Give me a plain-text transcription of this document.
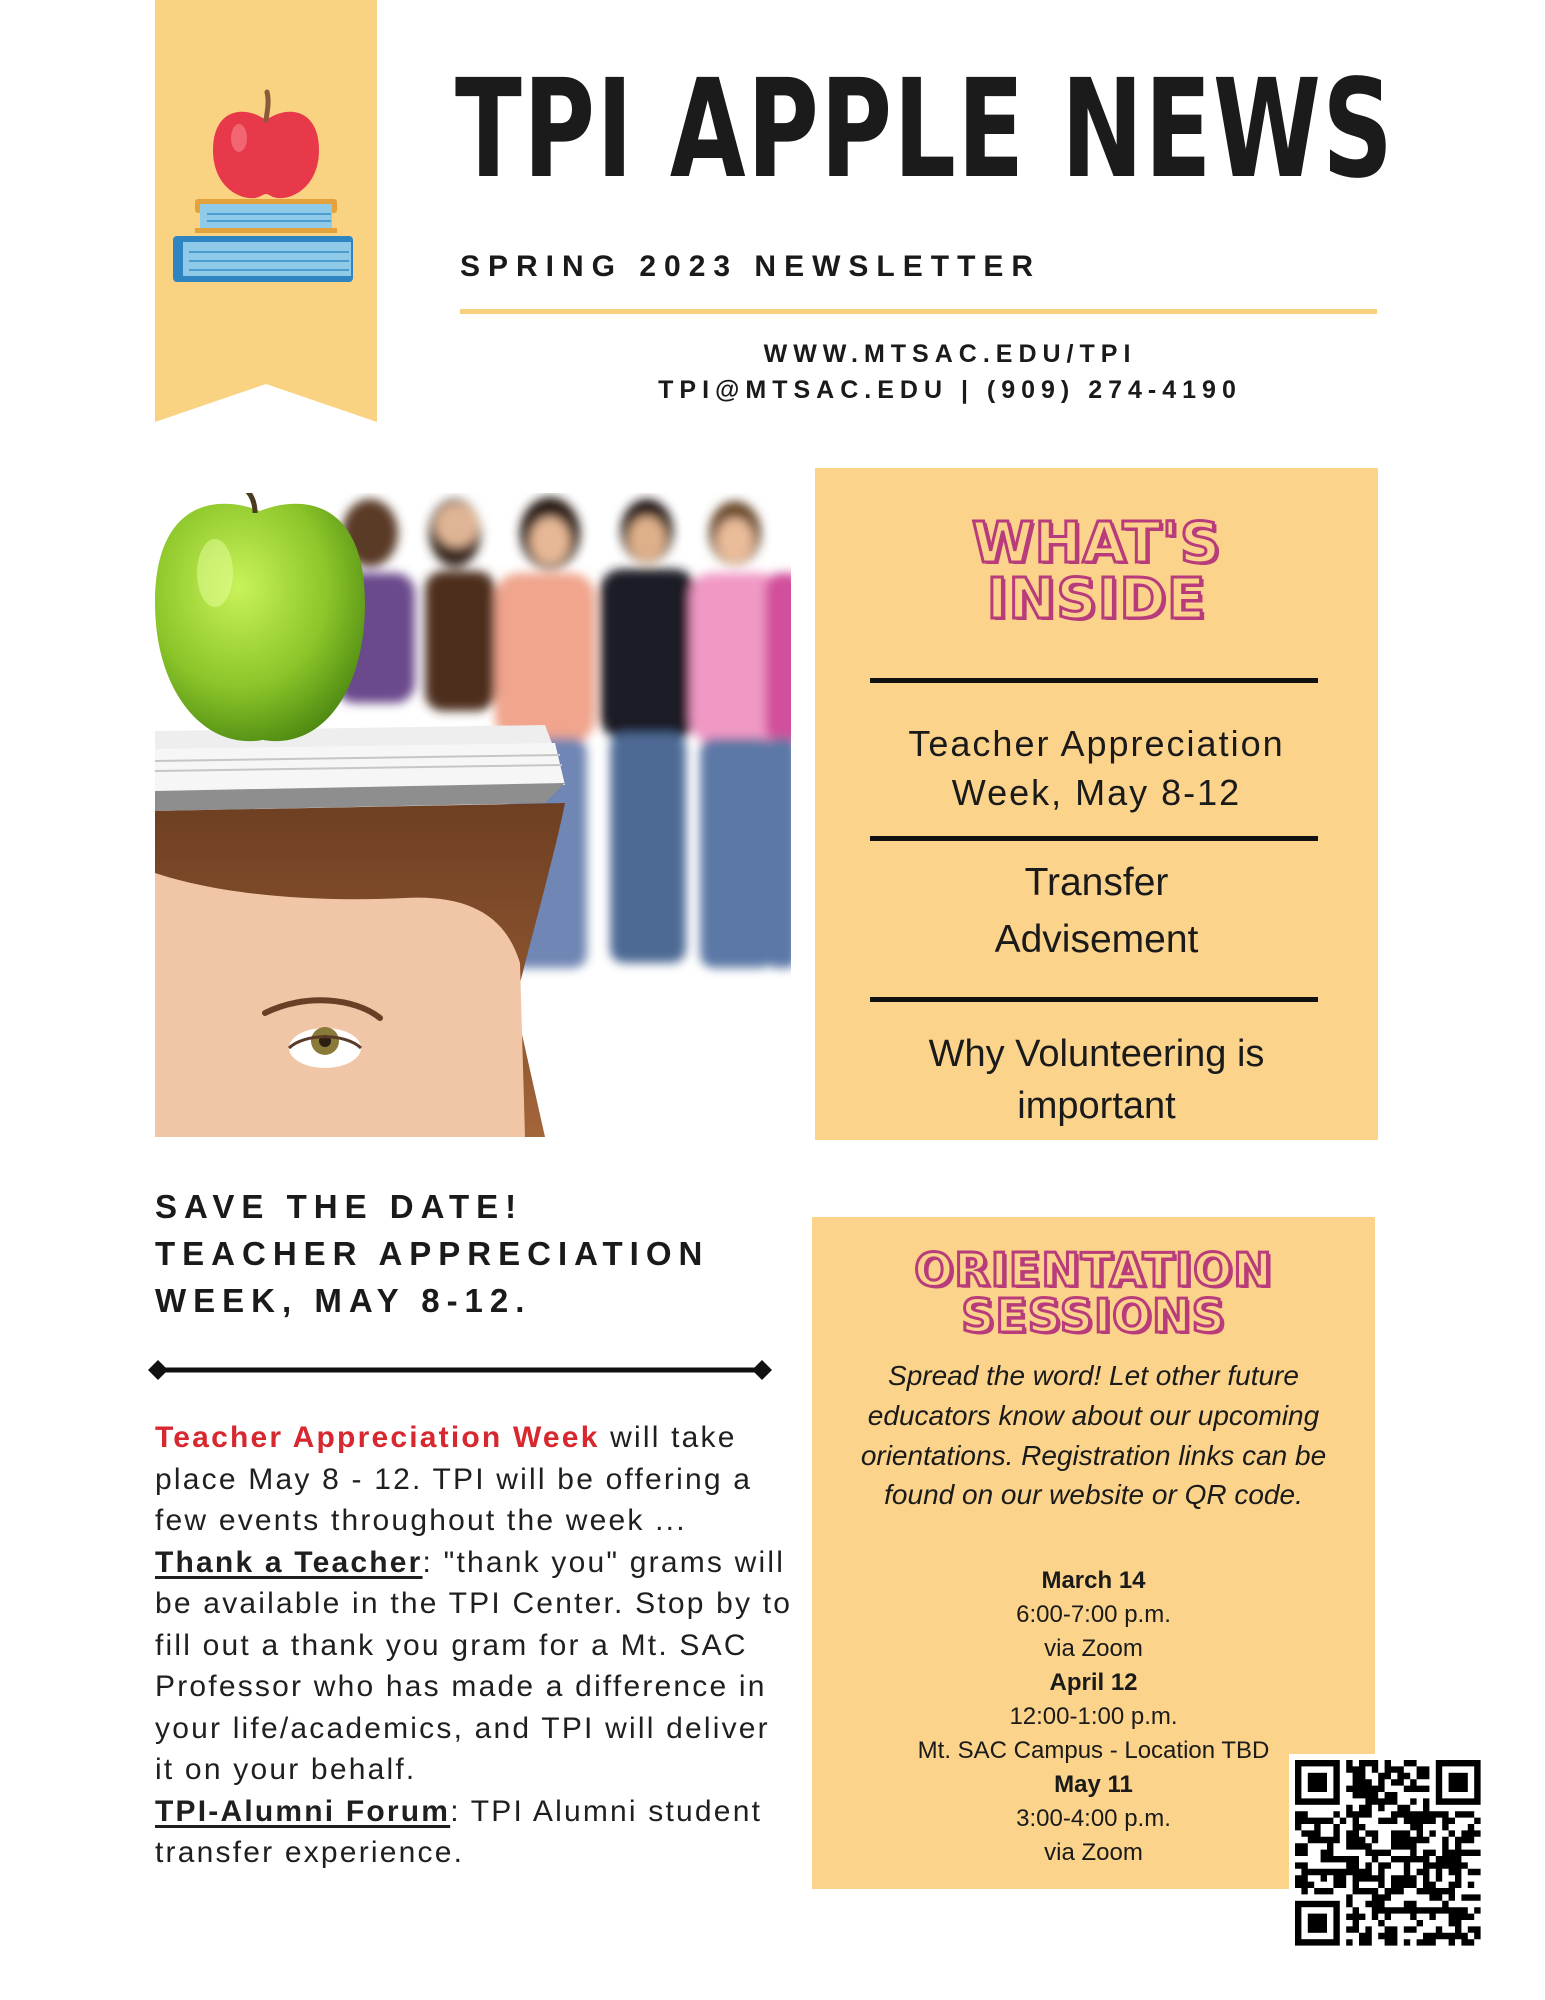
TPI APPLE NEWS
SPRING 2023 NEWSLETTER
WWW.MTSAC.EDU/TPI
TPI@MTSAC.EDU | (909) 274-4190
WHAT'S
INSIDE
Teacher Appreciation
Week, May 8-12
Transfer
Advisement
Why Volunteering is
important
SAVE THE DATE!
TEACHER APPRECIATION
WEEK, MAY 8-12.
Teacher Appreciation Week will take place May 8 - 12. TPI will be offering a few events throughout the week ...
Thank a Teacher: "thank you" grams will be available in the TPI Center. Stop by to fill out a thank you gram for a Mt. SAC Professor who has made a difference in your life/academics, and TPI will deliver it on your behalf.
TPI-Alumni Forum: TPI Alumni student transfer experience.
ORIENTATION
SESSIONS
Spread the word! Let other future
educators know about our upcoming
orientations. Registration links can be
found on our website or QR code.
March 14
6:00-7:00 p.m.
via Zoom
April 12
12:00-1:00 p.m.
Mt. SAC Campus - Location TBD
May 11
3:00-4:00 p.m.
via Zoom
